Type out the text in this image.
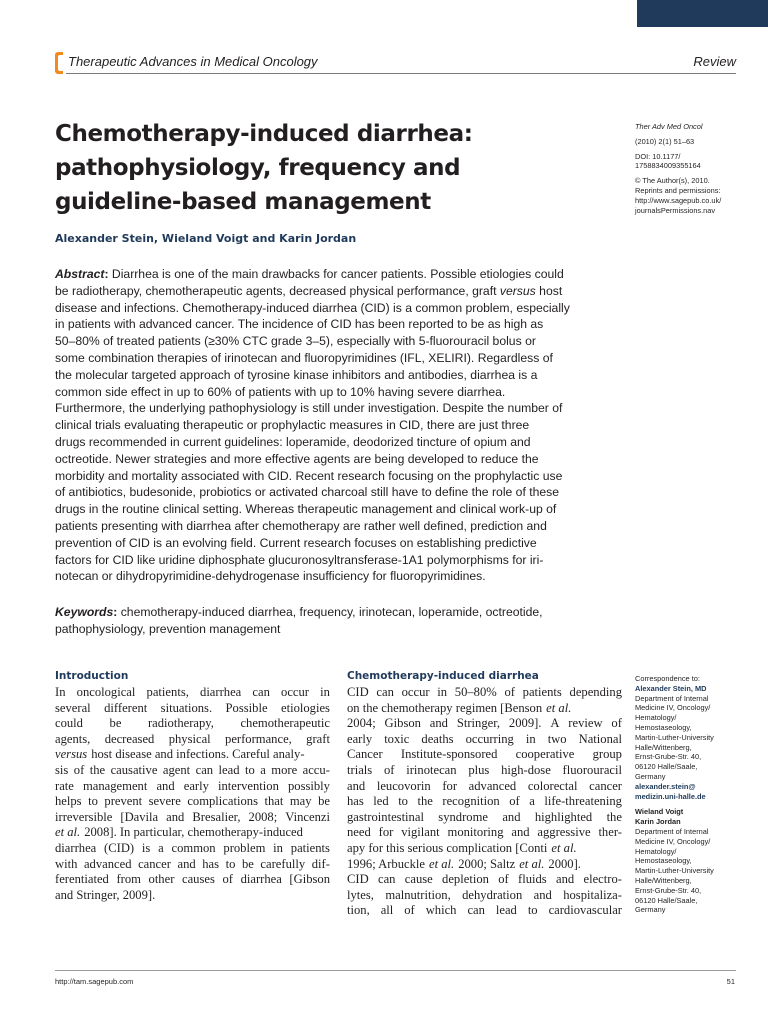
Therapeutic Advances in Medical Oncology	Review
Chemotherapy-induced diarrhea:
pathophysiology, frequency and
guideline-based management
Alexander Stein, Wieland Voigt and Karin Jordan
Ther Adv Med Oncol
(2010) 2(1) 51–63
DOI: 10.1177/
1758834009355164
© The Author(s), 2010.
Reprints and permissions:
http://www.sagepub.co.uk/
journalsPermissions.nav
Abstract: Diarrhea is one of the main drawbacks for cancer patients. Possible etiologies could
be radiotherapy, chemotherapeutic agents, decreased physical performance, graft versus host
disease and infections. Chemotherapy-induced diarrhea (CID) is a common problem, especially
in patients with advanced cancer. The incidence of CID has been reported to be as high as
50–80% of treated patients (≥30% CTC grade 3–5), especially with 5-fluorouracil bolus or
some combination therapies of irinotecan and fluoropyrimidines (IFL, XELIRI). Regardless of
the molecular targeted approach of tyrosine kinase inhibitors and antibodies, diarrhea is a
common side effect in up to 60% of patients with up to 10% having severe diarrhea.
Furthermore, the underlying pathophysiology is still under investigation. Despite the number of
clinical trials evaluating therapeutic or prophylactic measures in CID, there are just three
drugs recommended in current guidelines: loperamide, deodorized tincture of opium and
octreotide. Newer strategies and more effective agents are being developed to reduce the
morbidity and mortality associated with CID. Recent research focusing on the prophylactic use
of antibiotics, budesonide, probiotics or activated charcoal still have to define the role of these
drugs in the routine clinical setting. Whereas therapeutic management and clinical work-up of
patients presenting with diarrhea after chemotherapy are rather well defined, prediction and
prevention of CID is an evolving field. Current research focuses on establishing predictive
factors for CID like uridine diphosphate glucuronosyltransferase-1A1 polymorphisms for iri-
notecan or dihydropyrimidine-dehydrogenase insufficiency for fluoropyrimidines.
Keywords: chemotherapy-induced diarrhea, frequency, irinotecan, loperamide, octreotide,
pathophysiology, prevention management
Introduction
In oncological patients, diarrhea can occur in
several different situations. Possible etiologies
could be radiotherapy, chemotherapeutic
agents, decreased physical performance, graft
versus host disease and infections. Careful analy-
sis of the causative agent can lead to a more accu-
rate management and early intervention possibly
helps to prevent severe complications that may be
irreversible [Davila and Bresalier, 2008; Vincenzi
et al. 2008]. In particular, chemotherapy-induced
diarrhea (CID) is a common problem in patients
with advanced cancer and has to be carefully dif-
ferentiated from other causes of diarrhea [Gibson
and Stringer, 2009].
Chemotherapy-induced diarrhea
CID can occur in 50–80% of patients depending
on the chemotherapy regimen [Benson et al.
2004; Gibson and Stringer, 2009]. A review of
early toxic deaths occurring in two National
Cancer Institute-sponsored cooperative group
trials of irinotecan plus high-dose fluorouracil
and leucovorin for advanced colorectal cancer
has led to the recognition of a life-threatening
gastrointestinal syndrome and highlighted the
need for vigilant monitoring and aggressive ther-
apy for this serious complication [Conti et al.
1996; Arbuckle et al. 2000; Saltz et al. 2000].
CID can cause depletion of fluids and electro-
lytes, malnutrition, dehydration and hospitaliza-
tion, all of which can lead to cardiovascular
Correspondence to:
Alexander Stein, MD
Department of Internal
Medicine IV, Oncology/
Hematology/
Hemostaseology,
Martin-Luther-University
Halle/Wittenberg,
Ernst-Grube-Str. 40,
06120 Halle/Saale,
Germany
alexander.stein@
medizin.uni-halle.de
Wieland Voigt
Karin Jordan
Department of Internal
Medicine IV, Oncology/
Hematology/
Hemostaseology,
Martin-Luther-University
Halle/Wittenberg,
Ernst-Grube-Str. 40,
06120 Halle/Saale,
Germany
http://tam.sagepub.com	51
